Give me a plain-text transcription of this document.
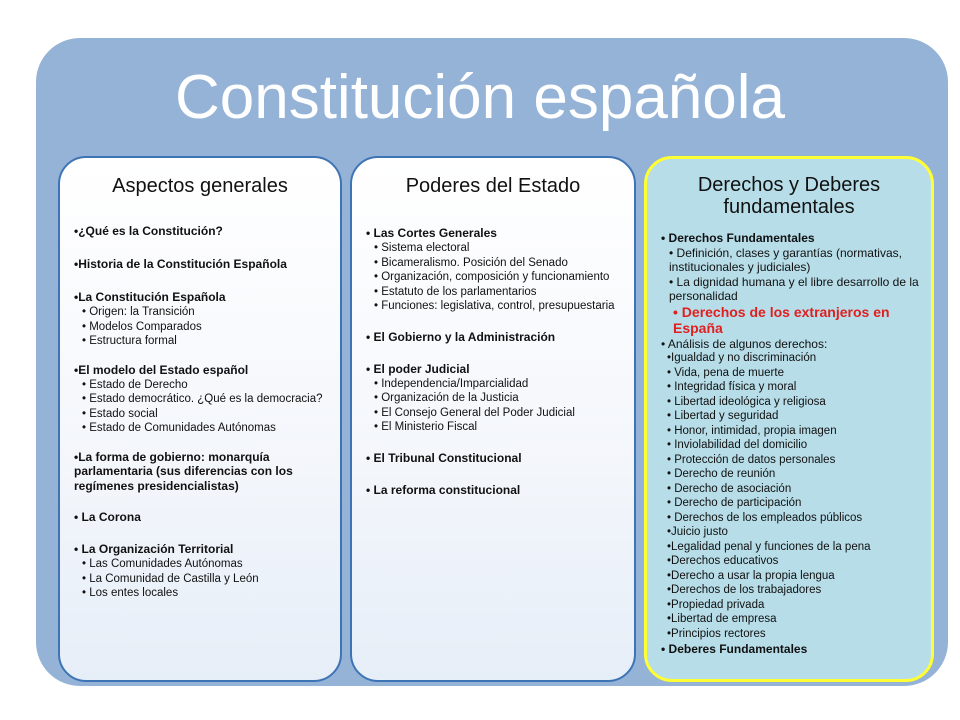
Constitución española
Aspectos generales
•¿Qué es la Constitución?
•Historia de la Constitución Española
•La Constitución Española
• Origen: la Transición
• Modelos Comparados
• Estructura formal
•El modelo del Estado español
• Estado de Derecho
• Estado democrático. ¿Qué es la democracia?
• Estado social
• Estado de Comunidades Autónomas
•La forma de gobierno: monarquía parlamentaria (sus diferencias con los regímenes presidencialistas)
• La Corona
• La Organización Territorial
• Las Comunidades Autónomas
• La Comunidad de Castilla y León
• Los entes locales
Poderes del Estado
• Las Cortes Generales
• Sistema electoral
• Bicameralismo. Posición del Senado
• Organización, composición y funcionamiento
• Estatuto de los parlamentarios
• Funciones: legislativa, control, presupuestaria
• El Gobierno y la Administración
• El poder Judicial
• Independencia/Imparcialidad
• Organización de la Justicia
• El Consejo General del Poder Judicial
• El Ministerio Fiscal
• El Tribunal Constitucional
• La reforma constitucional
Derechos y Deberes fundamentales
• Derechos Fundamentales
• Definición, clases y garantías (normativas, institucionales y judiciales)
• La dignidad humana y el libre desarrollo de la personalidad
• Derechos de los extranjeros en España
• Análisis de algunos derechos:
•Igualdad y no discriminación
• Vida, pena de muerte
• Integridad física y moral
• Libertad ideológica y religiosa
• Libertad y seguridad
• Honor, intimidad, propia imagen
• Inviolabilidad del domicilio
• Protección de datos personales
• Derecho de reunión
• Derecho de asociación
• Derecho de participación
• Derechos de los empleados públicos
•Juicio justo
•Legalidad penal y funciones de la pena
•Derechos educativos
•Derecho a usar la propia lengua
•Derechos de los trabajadores
•Propiedad privada
•Libertad de empresa
•Principios rectores
• Deberes Fundamentales
